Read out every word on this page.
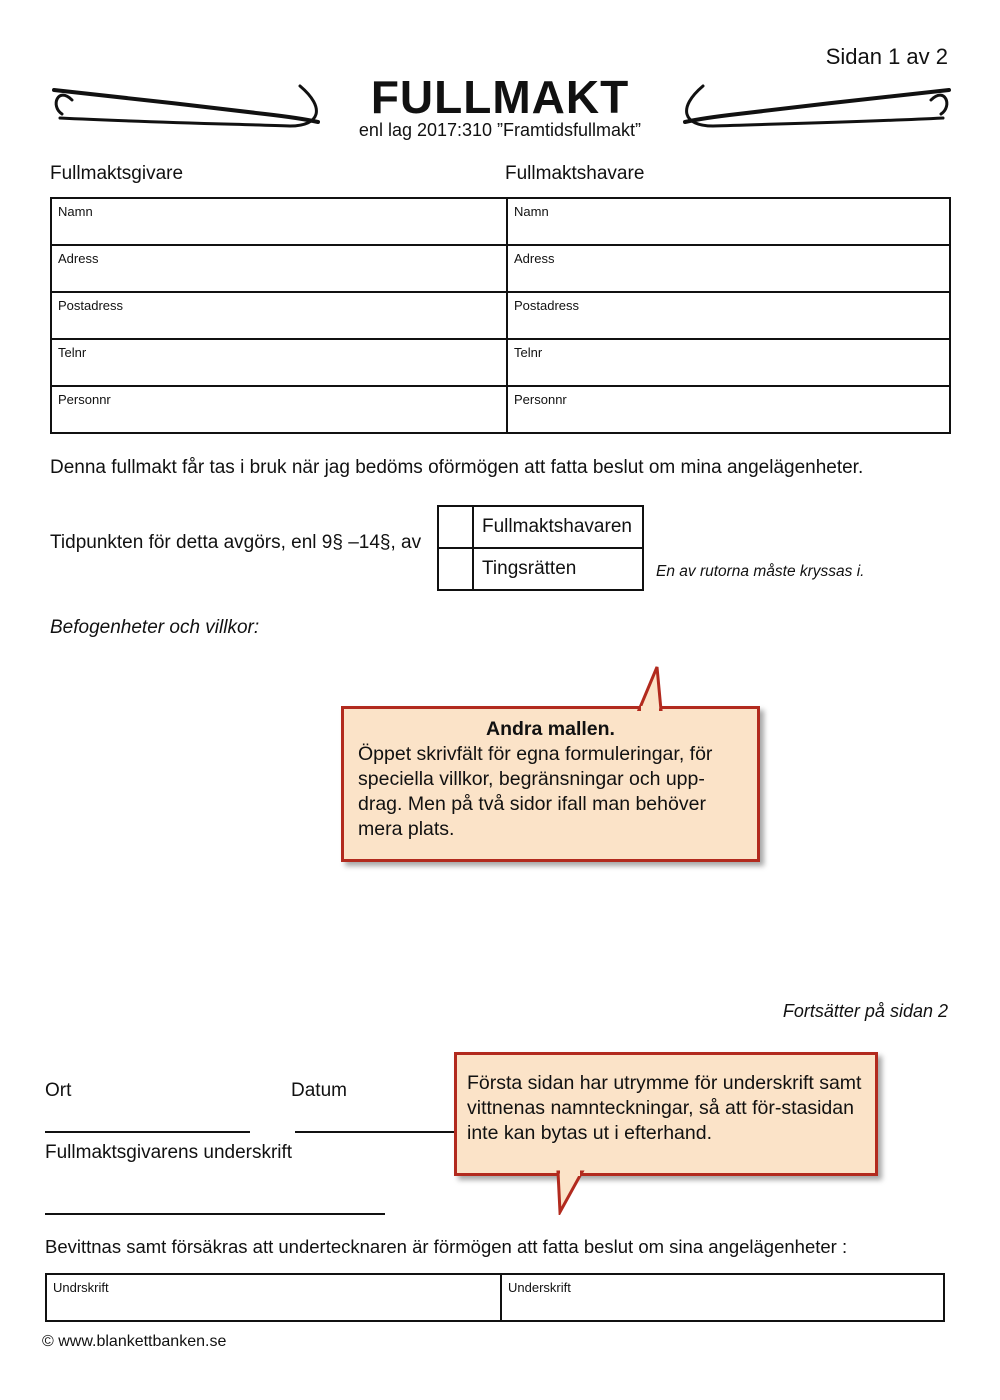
Sidan 1 av 2
FULLMAKT
enl lag 2017:310 ”Framtidsfullmakt”
Fullmaktsgivare	Fullmaktshavare
Namn	Namn
Adress	Adress
Postadress	Postadress
Telnr	Telnr
Personnr	Personnr
Denna fullmakt får tas i bruk när jag bedöms oförmögen att fatta beslut om mina angelägenheter.
Tidpunkten för detta avgörs, enl 9§ –14§, av
Fullmaktshavaren
Tingsrätten	En av rutorna måste kryssas i.
Befogenheter och villkor:
Andra mallen.
Öppet skrivfält för egna formuleringar, för speciella villkor, begränsningar och upp-drag. Men på två sidor ifall man behöver mera plats.
Fortsätter på sidan 2
Ort	Datum
Fullmaktsgivarens underskrift
Första sidan har utrymme för underskrift samt vittnenas namnteckningar, så att för-stasidan inte kan bytas ut i efterhand.
Bevittnas samt försäkras att undertecknaren är förmögen att fatta beslut om sina angelägenheter :
Undrskrift	Underskrift
© www.blankettbanken.se
